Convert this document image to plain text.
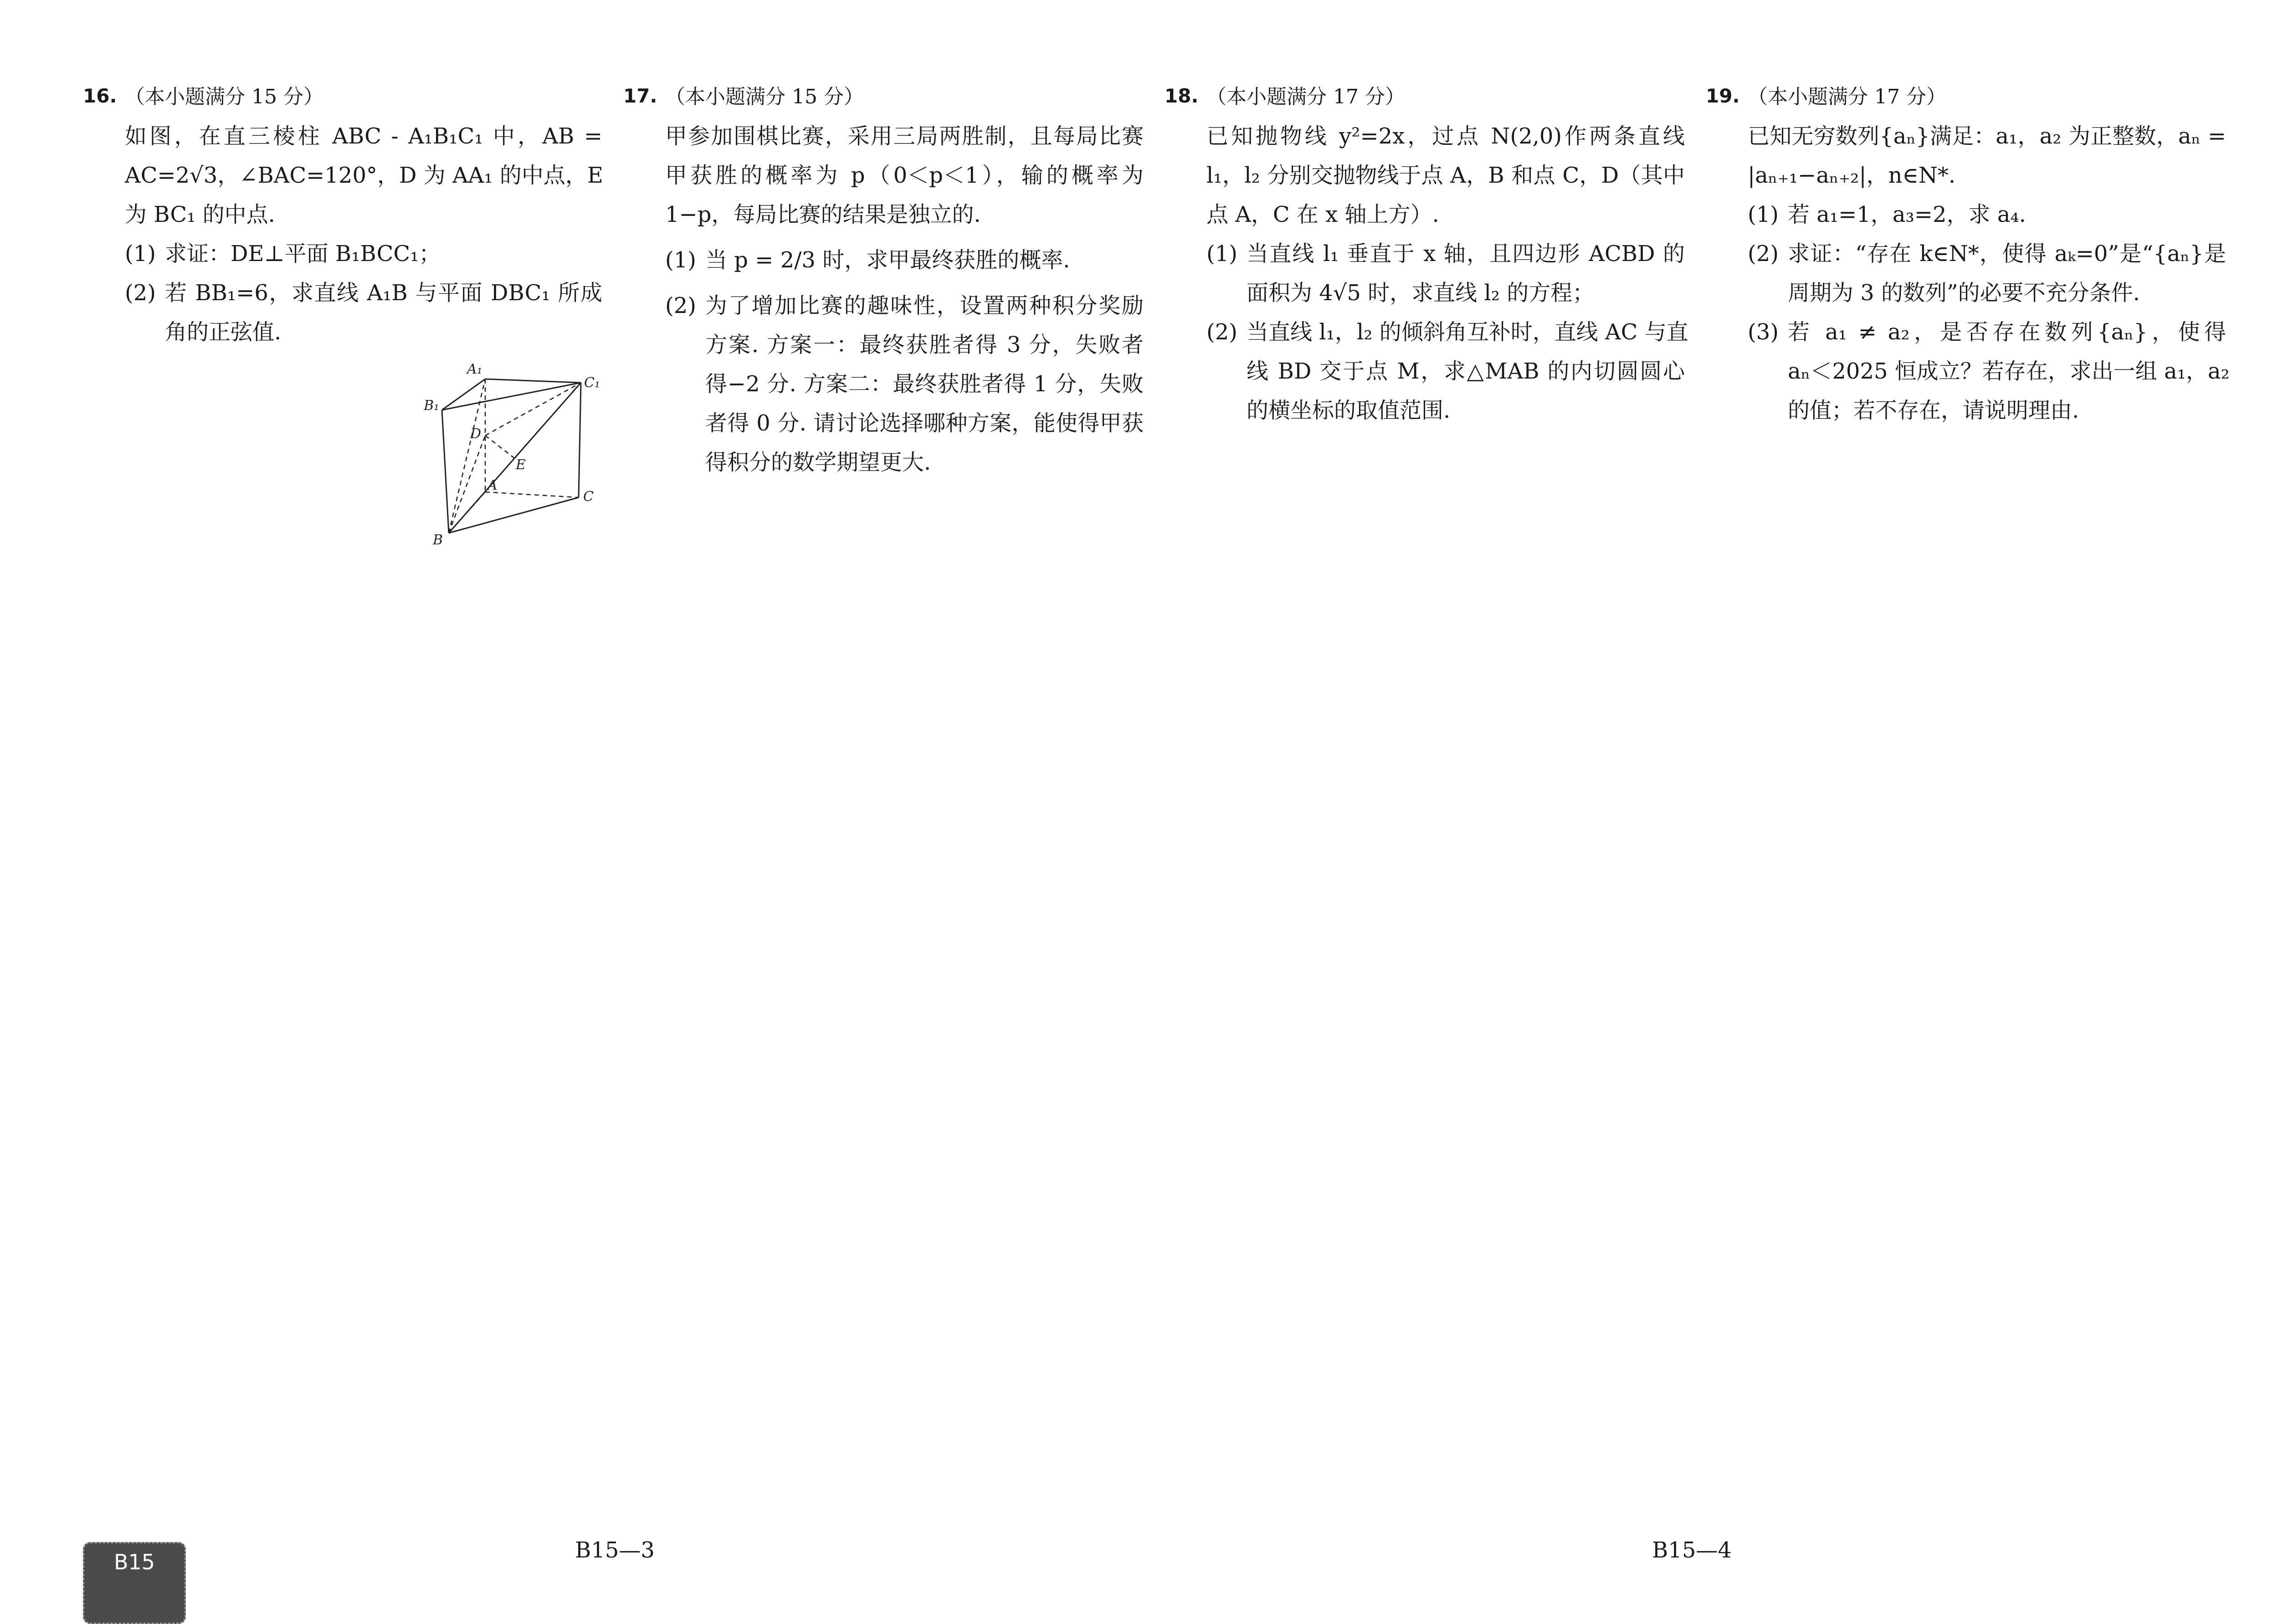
16. （本小题满分 15 分）

如图，在直三棱柱 ABC - A₁B₁C₁ 中，AB =

AC=2√3，∠BAC=120°，D 为 AA₁ 的中点，E

为 BC₁ 的中点.

(1) 求证：DE⊥平面 B₁BCC₁；

(2) 若 BB₁=6，求直线 A₁B 与平面 DBC₁ 所成

角的正弦值.

A₁
C₁
B₁
D
E
A
C
B

17. （本小题满分 15 分）

甲参加围棋比赛，采用三局两胜制，且每局比赛

甲获胜的概率为 p（0＜p＜1），输的概率为

1−p，每局比赛的结果是独立的.

(1) 当 p = 2/3 时，求甲最终获胜的概率.

(2) 为了增加比赛的趣味性，设置两种积分奖励

方案. 方案一：最终获胜者得 3 分，失败者

得−2 分. 方案二：最终获胜者得 1 分，失败

者得 0 分. 请讨论选择哪种方案，能使得甲获

得积分的数学期望更大.

18. （本小题满分 17 分）

已知抛物线 y²=2x，过点 N(2,0)作两条直线

l₁，l₂ 分别交抛物线于点 A，B 和点 C，D（其中

点 A，C 在 x 轴上方）.

(1) 当直线 l₁ 垂直于 x 轴，且四边形 ACBD 的

面积为 4√5 时，求直线 l₂ 的方程；

(2) 当直线 l₁，l₂ 的倾斜角互补时，直线 AC 与直

线 BD 交于点 M，求△MAB 的内切圆圆心

的横坐标的取值范围.

19. （本小题满分 17 分）

已知无穷数列{aₙ}满足：a₁，a₂ 为正整数，aₙ =

|aₙ₊₁−aₙ₊₂|，n∈N*.

(1) 若 a₁=1，a₃=2，求 a₄.

(2) 求证：“存在 k∈N*，使得 aₖ=0”是“{aₙ}是

周期为 3 的数列”的必要不充分条件.

(3) 若 a₁ ≠ a₂，是否存在数列{aₙ}，使得

aₙ＜2025 恒成立？若存在，求出一组 a₁，a₂

的值；若不存在，请说明理由.

B15	B15—3	B15—4
